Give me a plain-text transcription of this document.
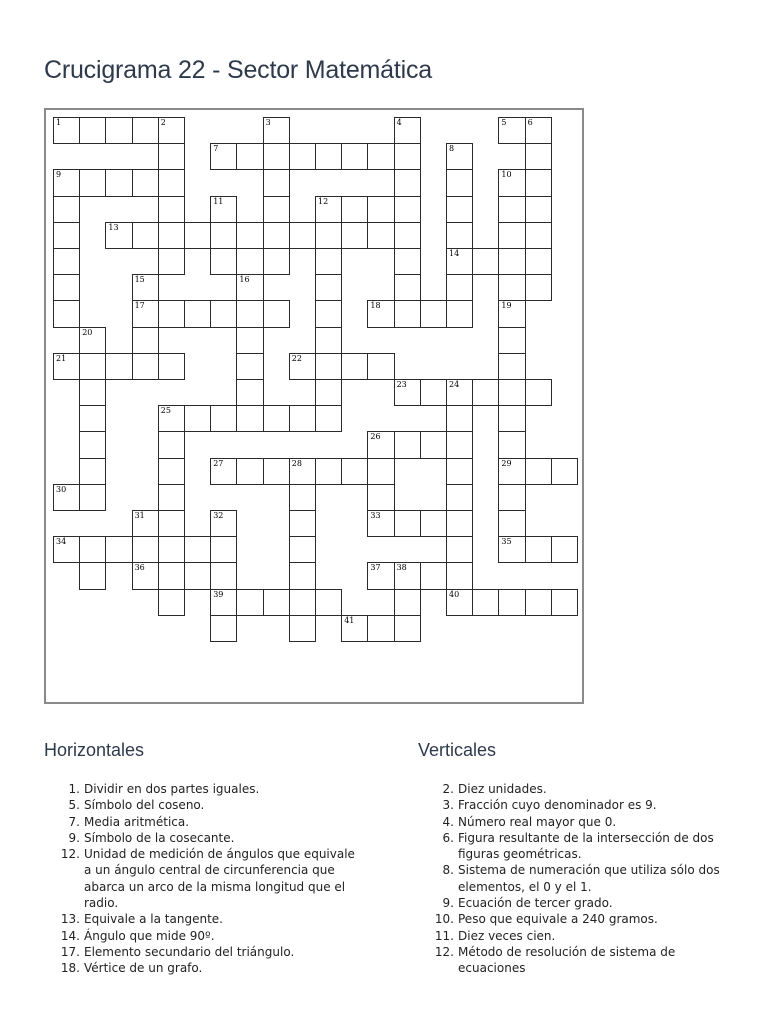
Crucigrama 22 - Sector Matemática
1	2	3	4	5	6
7	8
9	10
11	12
13
14
15	16
17	18	19
20
21	22
23	24
25
26
27	28	29
30
31	32	33
34	35
36	37 38
39	40
41
Horizontales
1. Dividir en dos partes iguales.
5. Símbolo del coseno.
7. Media aritmética.
9. Símbolo de la cosecante.
12. Unidad de medición de ángulos que equivale a un ángulo central de circunferencia que abarca un arco de la misma longitud que el radio.
13. Equivale a la tangente.
14. Ángulo que mide 90º.
17. Elemento secundario del triángulo.
18. Vértice de un grafo.
Verticales
2. Diez unidades.
3. Fracción cuyo denominador es 9.
4. Número real mayor que 0.
6. Figura resultante de la intersección de dos figuras geométricas.
8. Sistema de numeración que utiliza sólo dos elementos, el 0 y el 1.
9. Ecuación de tercer grado.
10. Peso que equivale a 240 gramos.
11. Diez veces cien.
12. Método de resolución de sistema de ecuaciones
